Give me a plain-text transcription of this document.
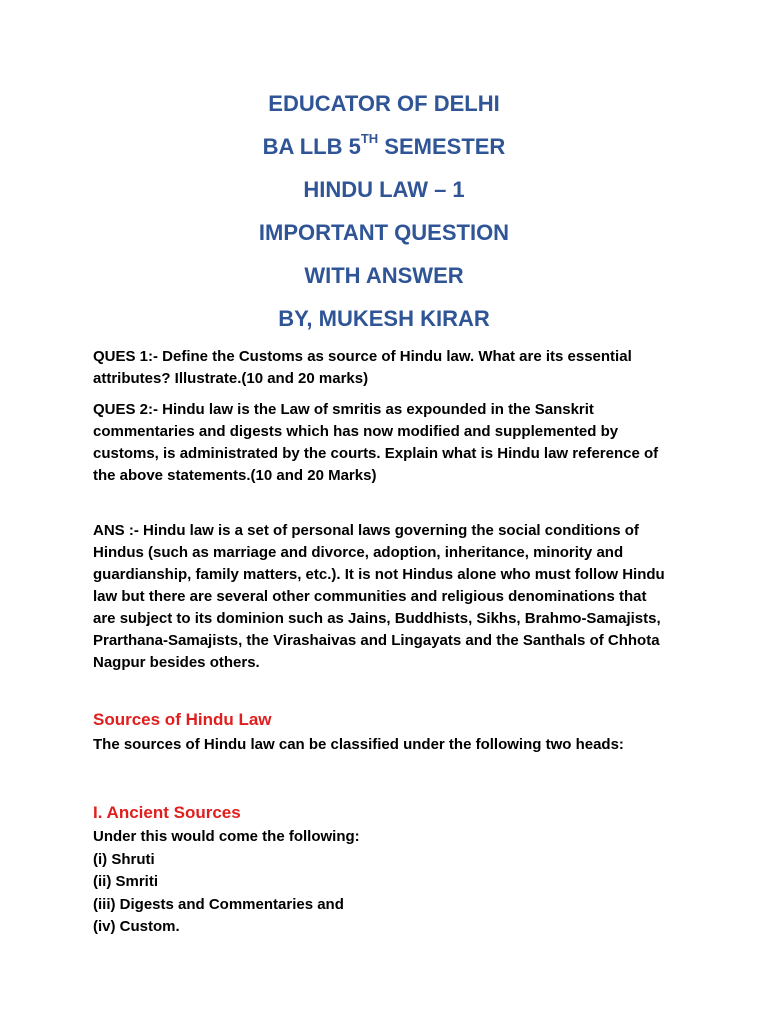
EDUCATOR OF DELHI
BA LLB 5TH SEMESTER
HINDU LAW – 1
IMPORTANT QUESTION
WITH ANSWER
BY, MUKESH KIRAR

QUES 1:- Define the Customs as source of Hindu law. What are its essential attributes? Illustrate.(10 and 20 marks)

QUES 2:- Hindu law is the Law of smritis as expounded in the Sanskrit commentaries and digests which has now modified and supplemented by customs, is administrated by the courts. Explain what is Hindu law reference of the above statements.(10 and 20 Marks)

ANS :- Hindu law is a set of personal laws governing the social conditions of Hindus (such as marriage and divorce, adoption, inheritance, minority and guardianship, family matters, etc.). It is not Hindus alone who must follow Hindu law but there are several other communities and religious denominations that are subject to its dominion such as Jains, Buddhists, Sikhs, Brahmo-Samajists, Prarthana-Samajists, the Virashaivas and Lingayats and the Santhals of Chhota Nagpur besides others.

Sources of Hindu Law

The sources of Hindu law can be classified under the following two heads:

I. Ancient Sources
Under this would come the following:
(i) Shruti
(ii) Smriti
(iii) Digests and Commentaries and
(iv) Custom.
